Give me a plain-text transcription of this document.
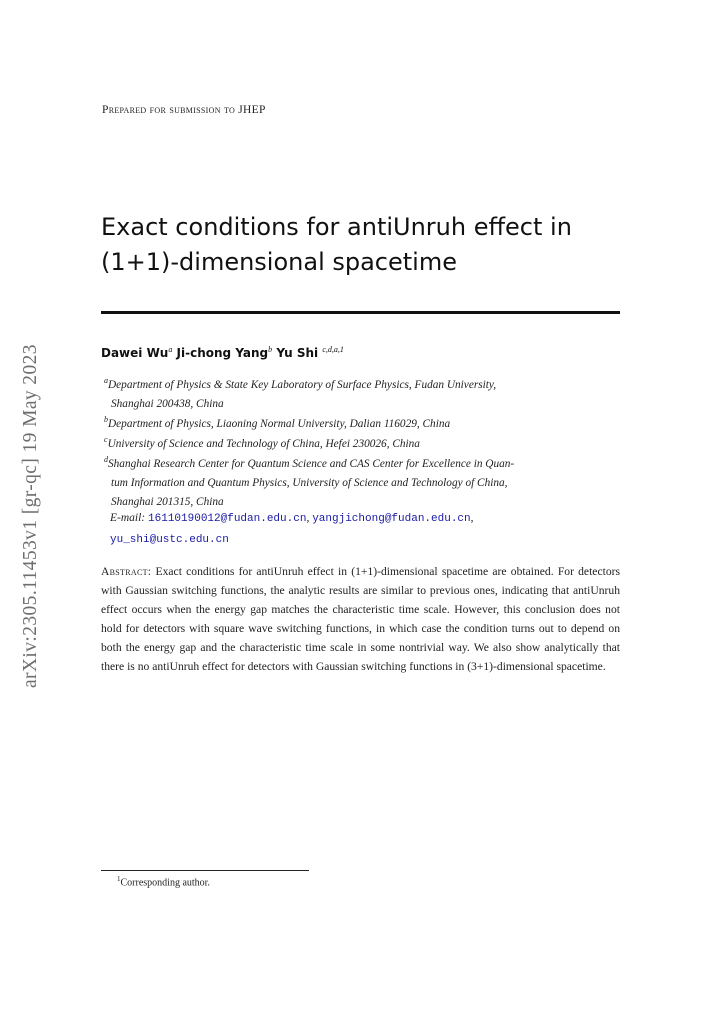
Prepared for submission to JHEP
Exact conditions for antiUnruh effect in
(1+1)-dimensional spacetime
Dawei Wu$^a$ Ji-chong Yang$^b$ Yu Shi $^{c,d,a,1}$
$^a$Department of Physics & State Key Laboratory of Surface Physics, Fudan University,
Shanghai 200438, China
$^b$Department of Physics, Liaoning Normal University, Dalian 116029, China
$^c$University of Science and Technology of China, Hefei 230026, China
$^d$Shanghai Research Center for Quantum Science and CAS Center for Excellence in Quan-
tum Information and Quantum Physics, University of Science and Technology of China,
Shanghai 201315, China
E-mail: 16110190012@fudan.edu.cn, yangjichong@fudan.edu.cn,
yu_shi@ustc.edu.cn
Abstract: Exact conditions for antiUnruh effect in (1+1)-dimensional spacetime are obtained. For detectors with Gaussian switching functions, the analytic results are similar to previous ones, indicating that antiUnruh effect occurs when the energy gap matches the characteristic time scale. However, this conclusion does not hold for detectors with square wave switching functions, in which case the condition turns out to depend on both the energy gap and the characteristic time scale in some nontrivial way. We also show analytically that there is no antiUnruh effect for detectors with Gaussian switching functions in (3+1)-dimensional spacetime.
arXiv:2305.11453v1 [gr-qc] 19 May 2023
$^1$Corresponding author.
